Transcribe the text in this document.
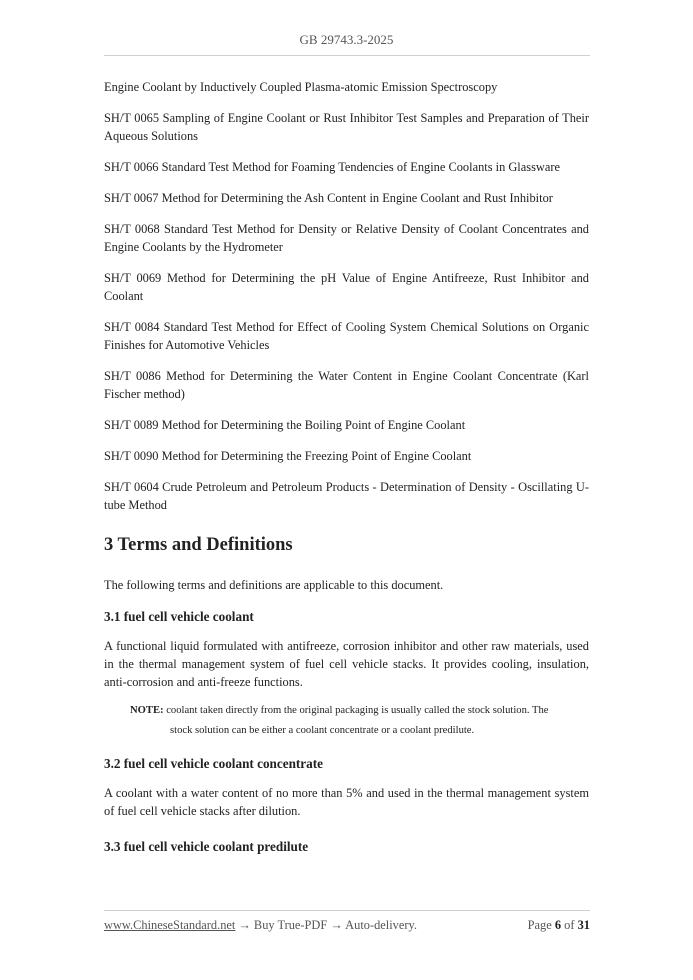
GB 29743.3-2025

Engine Coolant by Inductively Coupled Plasma-atomic Emission Spectroscopy

SH/T 0065 Sampling of Engine Coolant or Rust Inhibitor Test Samples and Preparation of Their Aqueous Solutions

SH/T 0066 Standard Test Method for Foaming Tendencies of Engine Coolants in Glassware

SH/T 0067 Method for Determining the Ash Content in Engine Coolant and Rust Inhibitor

SH/T 0068 Standard Test Method for Density or Relative Density of Coolant Concentrates and Engine Coolants by the Hydrometer

SH/T 0069 Method for Determining the pH Value of Engine Antifreeze, Rust Inhibitor and Coolant

SH/T 0084 Standard Test Method for Effect of Cooling System Chemical Solutions on Organic Finishes for Automotive Vehicles

SH/T 0086 Method for Determining the Water Content in Engine Coolant Concentrate (Karl Fischer method)

SH/T 0089 Method for Determining the Boiling Point of Engine Coolant

SH/T 0090 Method for Determining the Freezing Point of Engine Coolant

SH/T 0604 Crude Petroleum and Petroleum Products - Determination of Density - Oscillating U-tube Method

3 Terms and Definitions

The following terms and definitions are applicable to this document.

3.1 fuel cell vehicle coolant

A functional liquid formulated with antifreeze, corrosion inhibitor and other raw materials, used in the thermal management system of fuel cell vehicle stacks. It provides cooling, insulation, anti-corrosion and anti-freeze functions.

NOTE: coolant taken directly from the original packaging is usually called the stock solution. The
stock solution can be either a coolant concentrate or a coolant predilute.
3.2 fuel cell vehicle coolant concentrate

A coolant with a water content of no more than 5% and used in the thermal management system of fuel cell vehicle stacks after dilution.

3.3 fuel cell vehicle coolant predilute
www.ChineseStandard.net → Buy True-PDF → Auto-delivery.	Page 6 of 31
